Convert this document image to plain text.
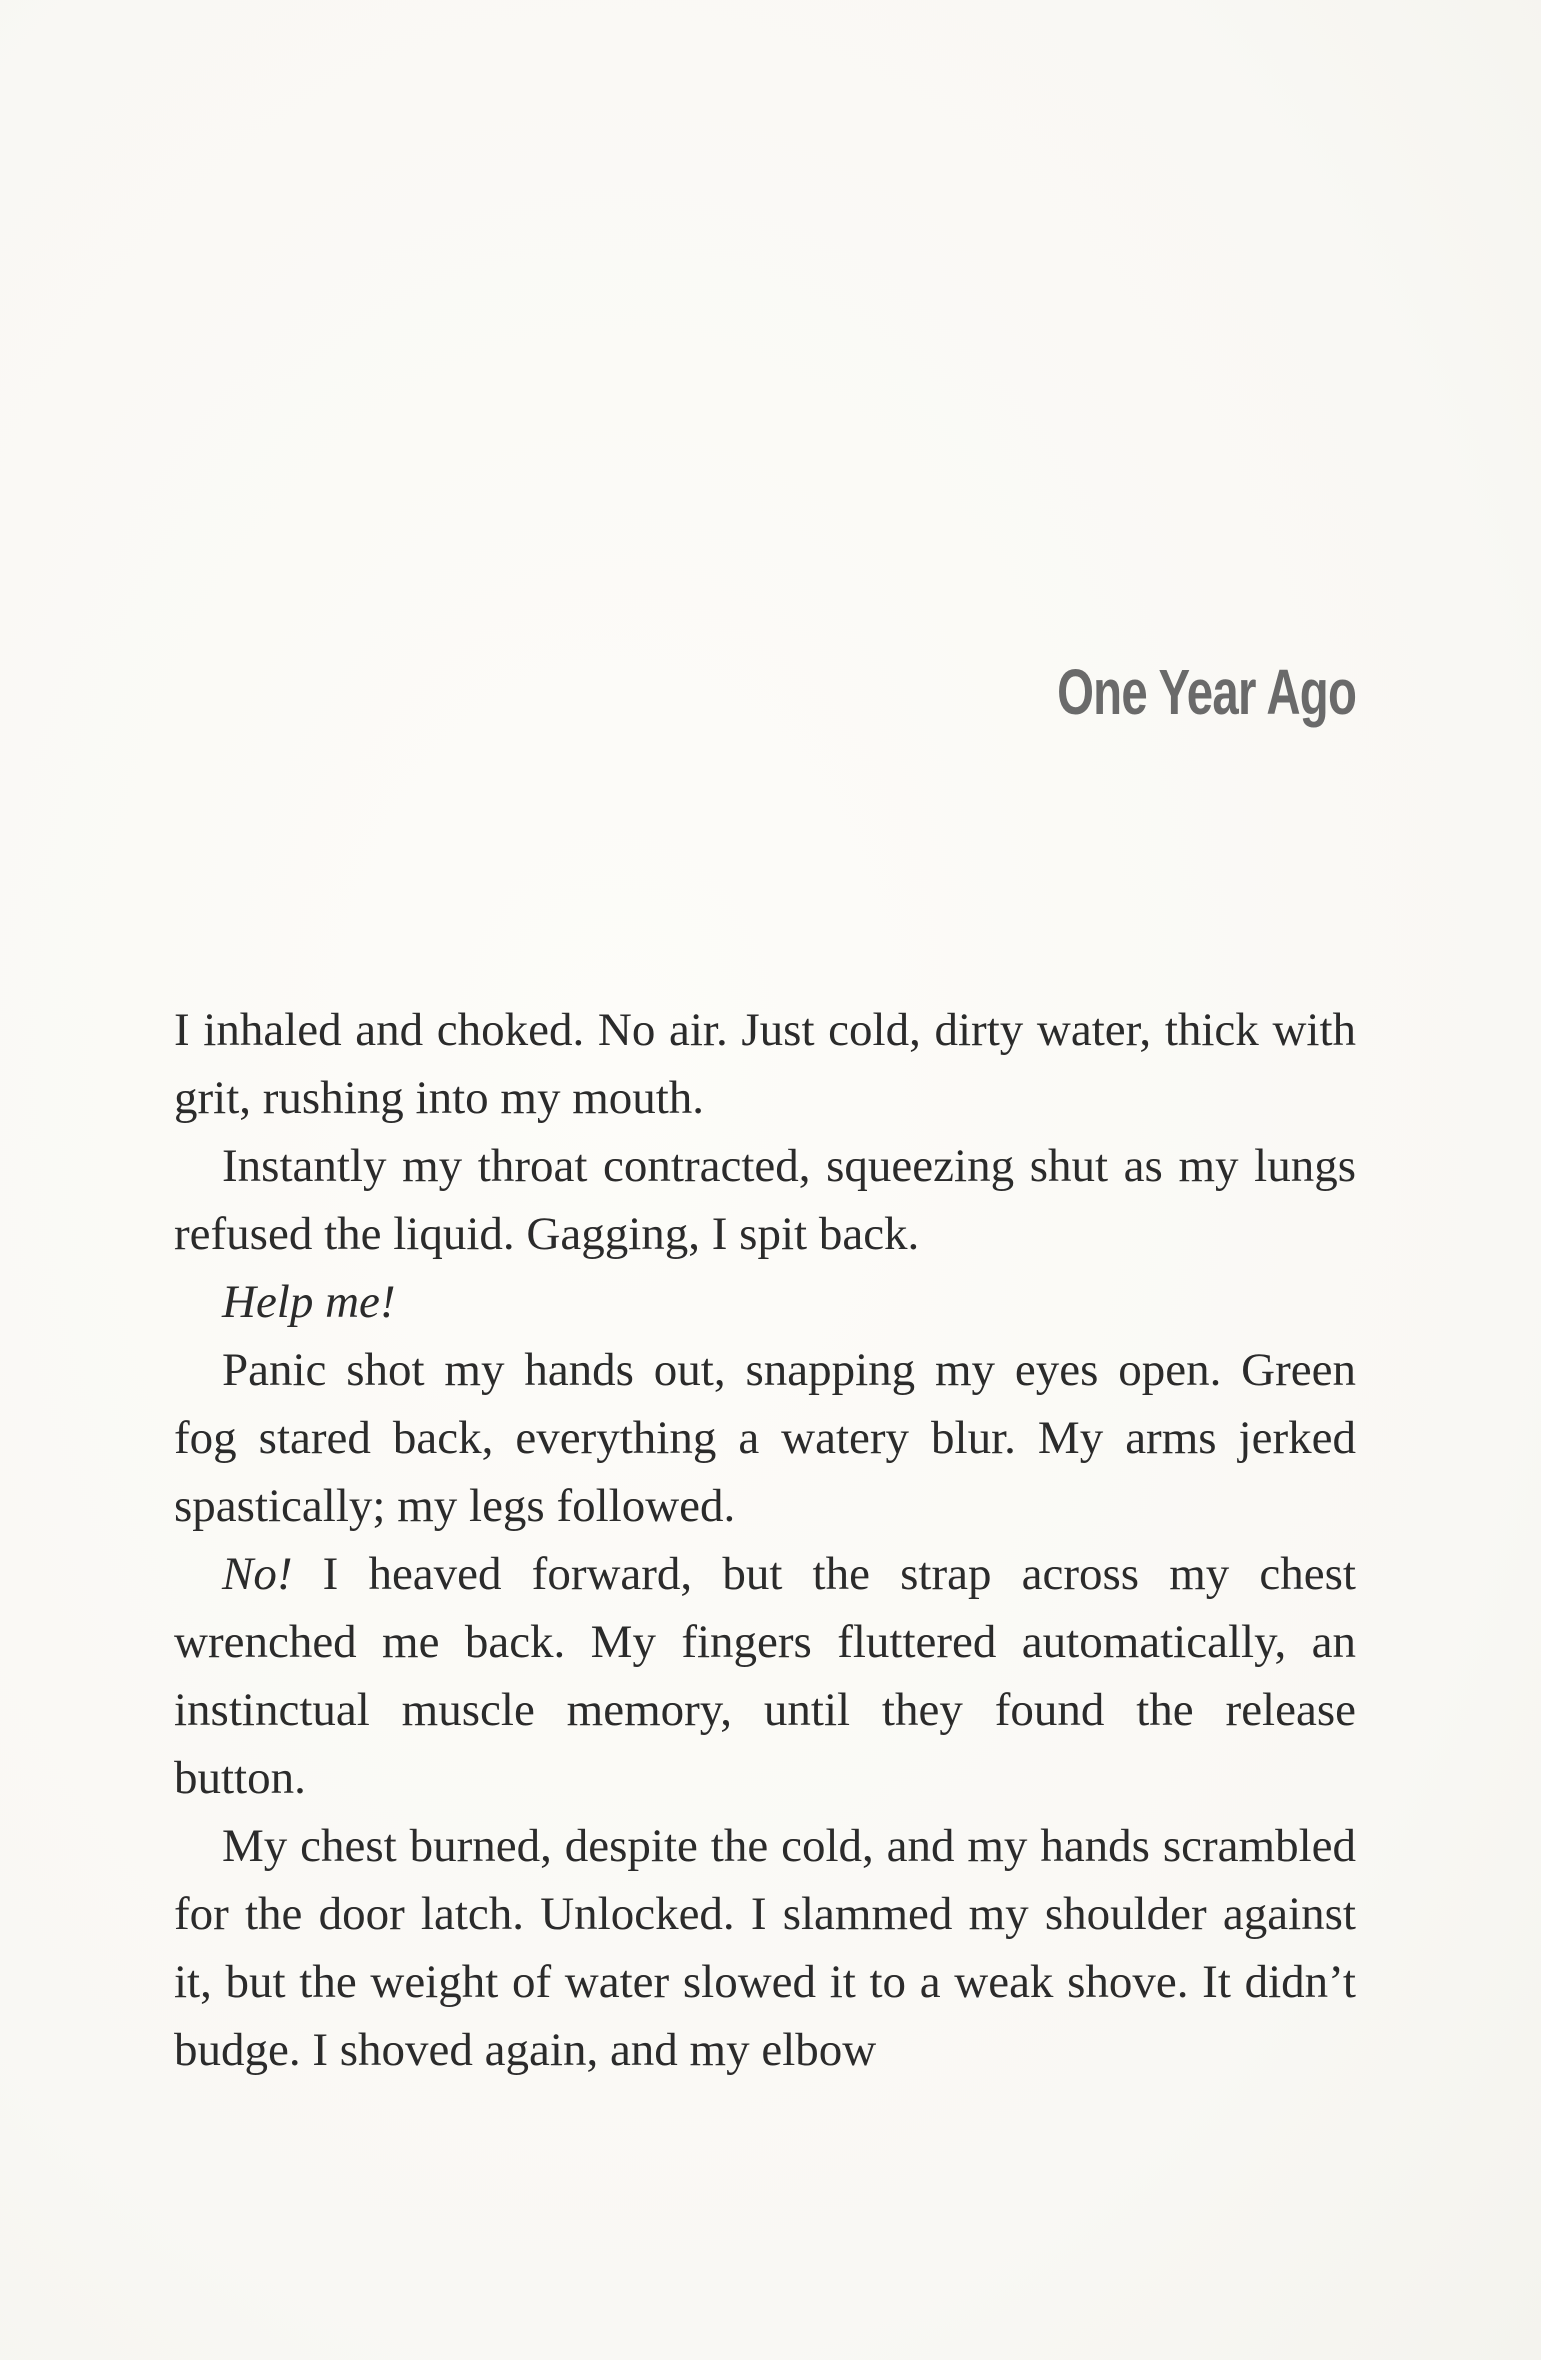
One Year Ago

I inhaled and choked. No air. Just cold, dirty water, thick with grit, rushing into my mouth.

Instantly my throat contracted, squeezing shut as my lungs refused the liquid. Gagging, I spit back.

Help me!

Panic shot my hands out, snapping my eyes open. Green fog stared back, everything a watery blur. My arms jerked spastically; my legs followed.

No! I heaved forward, but the strap across my chest wrenched me back. My fingers fluttered automatically, an instinctual muscle memory, until they found the release button.

My chest burned, despite the cold, and my hands scrambled for the door latch. Unlocked. I slammed my shoulder against it, but the weight of water slowed it to a weak shove. It didn’t budge. I shoved again, and my elbow
